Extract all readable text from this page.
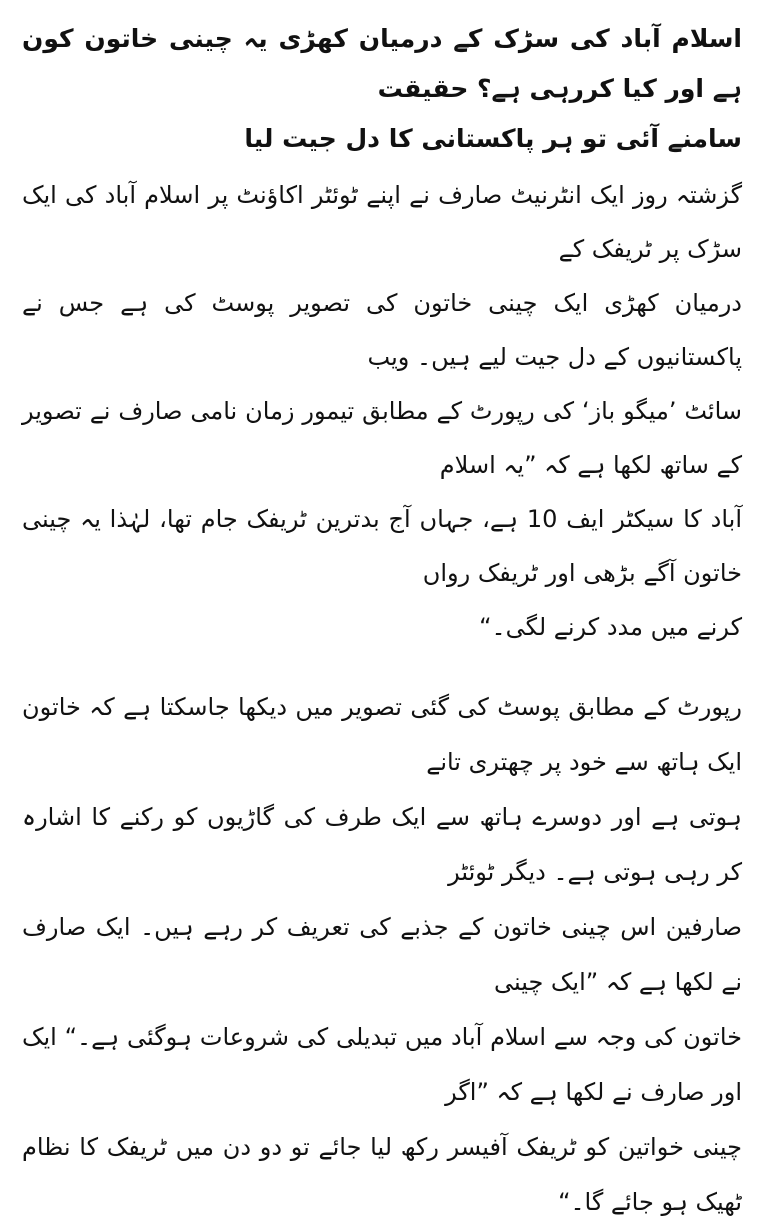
اسلام آباد کی سڑک کے درمیان کھڑی یہ چینی خاتون کون ہے اور کیا کررہی ہے؟ حقیقت
سامنے آئی تو ہر پاکستانی کا دل جیت لیا

گزشتہ روز ایک انٹرنیٹ صارف نے اپنے ٹوئٹر اکاؤنٹ پر اسلام آباد کی ایک سڑک پر ٹریفک کے
درمیان کھڑی ایک چینی خاتون کی تصویر پوسٹ کی ہے جس نے پاکستانیوں کے دل جیت لیے ہیں۔ ویب
سائٹ ’میگو باز‘ کی رپورٹ کے مطابق تیمور زمان نامی صارف نے تصویر کے ساتھ لکھا ہے کہ ”یہ اسلام
آباد کا سیکٹر ایف 10 ہے، جہاں آج بدترین ٹریفک جام تھا، لہٰذا یہ چینی خاتون آگے بڑھی اور ٹریفک رواں
کرنے میں مدد کرنے لگی۔“

رپورٹ کے مطابق پوسٹ کی گئی تصویر میں دیکھا جاسکتا ہے کہ خاتون ایک ہاتھ سے خود پر چھتری تانے
ہوتی ہے اور دوسرے ہاتھ سے ایک طرف کی گاڑیوں کو رکنے کا اشارہ کر رہی ہوتی ہے۔ دیگر ٹوئٹر
صارفین اس چینی خاتون کے جذبے کی تعریف کر رہے ہیں۔ ایک صارف نے لکھا ہے کہ ”ایک چینی
خاتون کی وجہ سے اسلام آباد میں تبدیلی کی شروعات ہوگئی ہے۔“ ایک اور صارف نے لکھا ہے کہ ”اگر
چینی خواتین کو ٹریفک آفیسر رکھ لیا جائے تو دو دن میں ٹریفک کا نظام ٹھیک ہو جائے گا۔“
